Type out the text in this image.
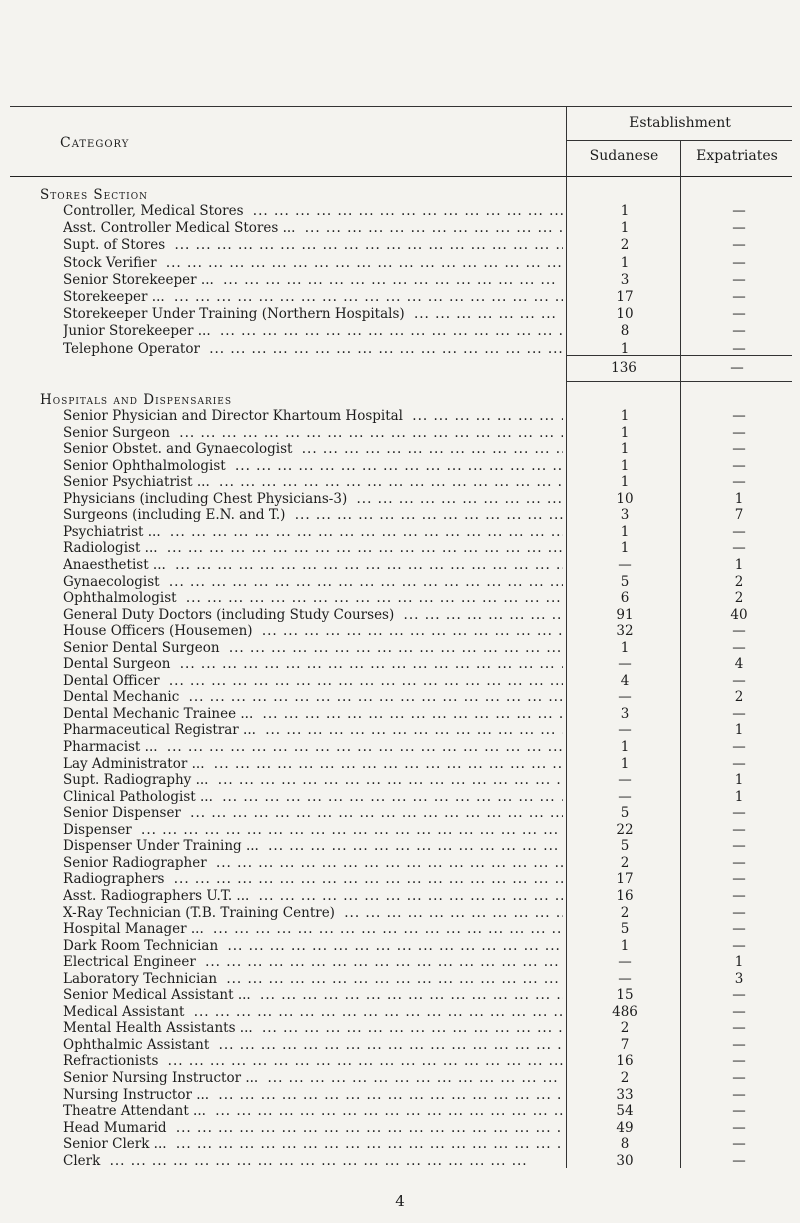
Category
Establishment
Sudanese	Expatriates
Stores Section
Controller, Medical Stores ... .	1	—
Asst. Controller Medical Stores ... ... .	1	—
Supt. of Stores ... .	2	—
Stock Verifier ... .	1	—
Senior Storekeeper ... ... .	3	—
Storekeeper ... ... .	17	—
Storekeeper Under Training (Northern Hospitals) ... .	10	—
Junior Storekeeper ... ... .	8	—
Telephone Operator ... .	1	—
136	—
Hospitals and Dispensaries
Senior Physician and Director Khartoum Hospital ... .	1	—
Senior Surgeon ... .	1	—
Senior Obstet. and Gynaecologist ... .	1	—
Senior Ophthalmologist ... .	1	—
Senior Psychiatrist ... ... .	1	—
Physicians (including Chest Physicians-3) ... .	10	1
Surgeons (including E.N. and T.) ... .	3	7
Psychiatrist ... ... .	1	—
Radiologist ... ... .	1	—
Anaesthetist ... ... .	—	1
Gynaecologist ... .	5	2
Ophthalmologist ... .	6	2
General Duty Doctors (including Study Courses) ... .	91	40
House Officers (Housemen) ... .	32	—
Senior Dental Surgeon ... .	1	—
Dental Surgeon ... .	—	4
Dental Officer ... .	4	—
Dental Mechanic ... .	—	2
Dental Mechanic Trainee ... ... .	3	—
Pharmaceutical Registrar ... ... .	—	1
Pharmacist ... ... .	1	—
Lay Administrator ... ... .	1	—
Supt. Radiography ... ... .	—	1
Clinical Pathologist ... ... .	—	1
Senior Dispenser ... .	5	—
Dispenser ... .	22	—
Dispenser Under Training ... ... .	5	—
Senior Radiographer ... .	2	—
Radiographers ... .	17	—
Asst. Radiographers U.T. ... ... .	16	—
X-Ray Technician (T.B. Training Centre) ... .	2	—
Hospital Manager ... ... .	5	—
Dark Room Technician ... .	1	—
Electrical Engineer ... .	—	1
Laboratory Technician ... .	—	3
Senior Medical Assistant ... ... .	15	—
Medical Assistant ... .	486	—
Mental Health Assistants ... ... .	2	—
Ophthalmic Assistant ... .	7	—
Refractionists ... .	16	—
Senior Nursing Instructor ... ... .	2	—
Nursing Instructor ... ... .	33	—
Theatre Attendant ... ... .	54	—
Head Mumarid ... .	49	—
Senior Clerk ... ... .	8	—
Clerk ... .	30	—
4
